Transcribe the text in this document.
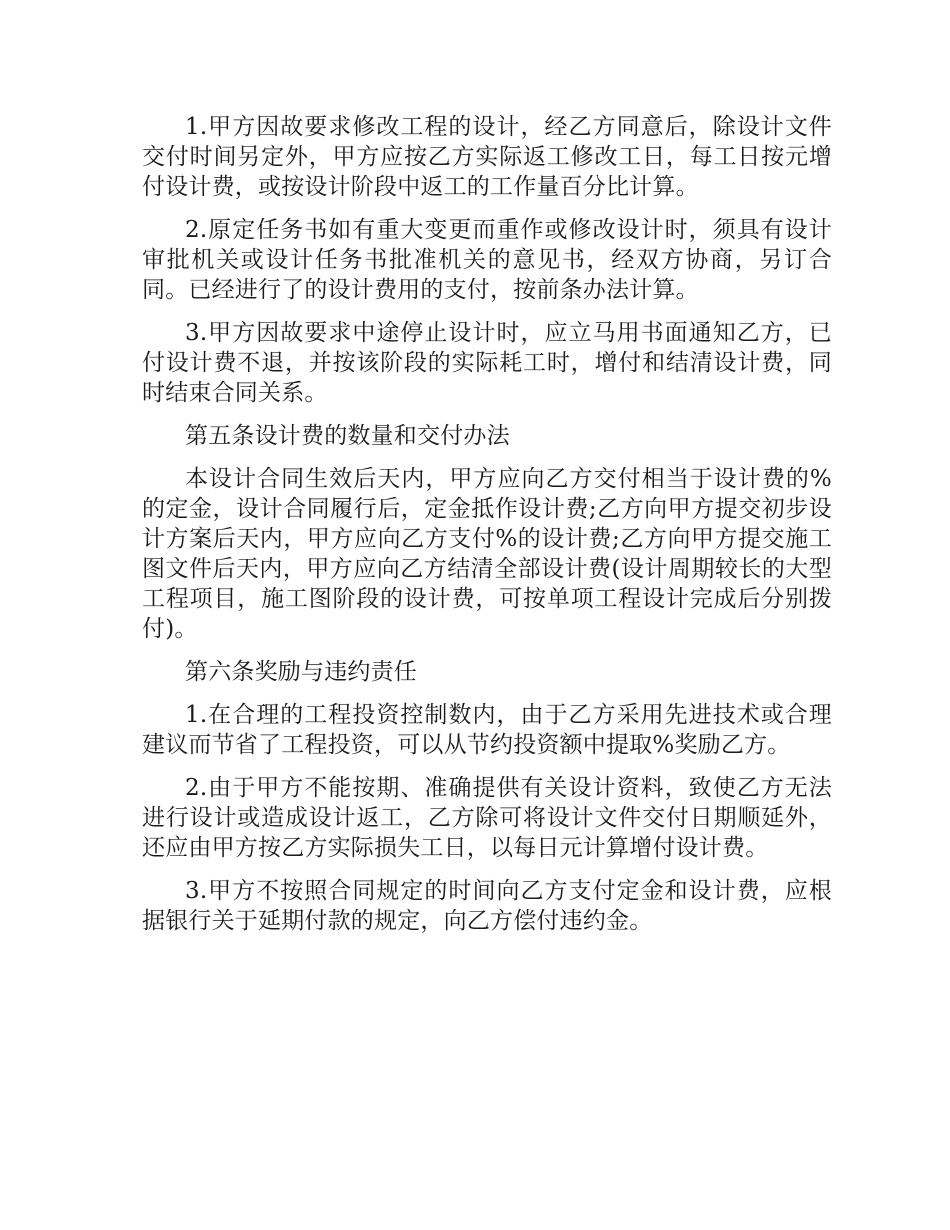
1.甲方因故要求修改工程的设计，经乙方同意后，除设计文件交付时间另定外，甲方应按乙方实际返工修改工日，每工日按元增付设计费，或按设计阶段中返工的工作量百分比计算。

2.原定任务书如有重大变更而重作或修改设计时，须具有设计审批机关或设计任务书批准机关的意见书，经双方协商，另订合同。已经进行了的设计费用的支付，按前条办法计算。

3.甲方因故要求中途停止设计时，应立马用书面通知乙方，已付设计费不退，并按该阶段的实际耗工时，增付和结清设计费，同时结束合同关系。

第五条设计费的数量和交付办法

本设计合同生效后天内，甲方应向乙方交付相当于设计费的%的定金，设计合同履行后，定金抵作设计费;乙方向甲方提交初步设计方案后天内，甲方应向乙方支付%的设计费;乙方向甲方提交施工图文件后天内，甲方应向乙方结清全部设计费(设计周期较长的大型工程项目，施工图阶段的设计费，可按单项工程设计完成后分别拨付)。

第六条奖励与违约责任

1.在合理的工程投资控制数内，由于乙方采用先进技术或合理建议而节省了工程投资，可以从节约投资额中提取%奖励乙方。

2.由于甲方不能按期、准确提供有关设计资料，致使乙方无法进行设计或造成设计返工，乙方除可将设计文件交付日期顺延外，还应由甲方按乙方实际损失工日，以每日元计算增付设计费。

3.甲方不按照合同规定的时间向乙方支付定金和设计费，应根据银行关于延期付款的规定，向乙方偿付违约金。
